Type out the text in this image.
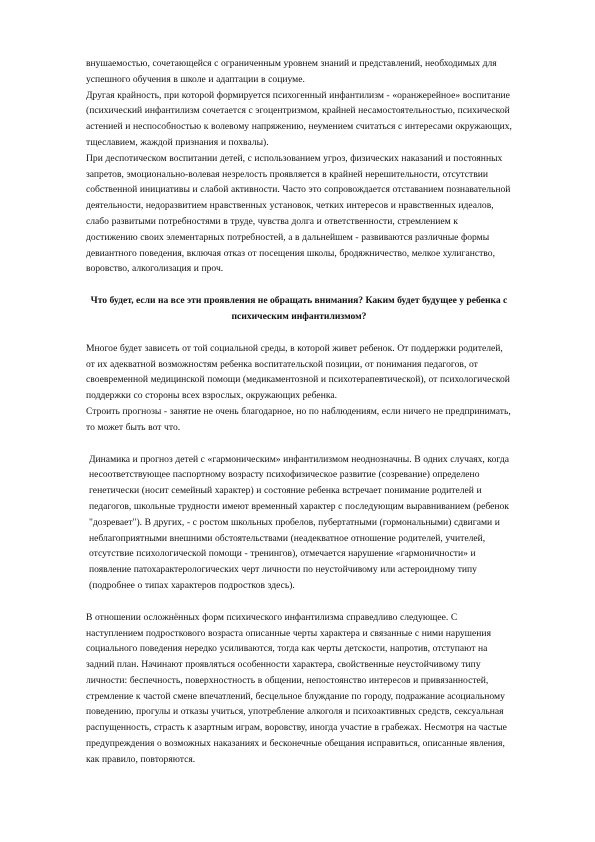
внушаемостью, сочетающейся с ограниченным уровнем знаний и представлений, необходимых для успешного обучения в школе и адаптации в социуме.

Другая крайность, при которой формируется психогенный инфантилизм - «оранжерейное» воспитание (психический инфантилизм сочетается с эгоцентризмом, крайней несамостоятельностью, психической астенией и неспособностью к волевому напряжению, неумением считаться с интересами окружающих, тщеславием, жаждой признания и похвалы).

При деспотическом воспитании детей, с использованием угроз, физических наказаний и постоянных запретов, эмоционально-волевая незрелость проявляется в крайней нерешительности, отсутствии собственной инициативы и слабой активности. Часто это сопровождается отставанием познавательной деятельности, недоразвитием нравственных установок, четких интересов и нравственных идеалов, слабо развитыми потребностями в труде, чувства долга и ответственности, стремлением к достижению своих элементарных потребностей, а в дальнейшем - развиваются различные формы девиантного поведения, включая отказ от посещения школы, бродяжничество, мелкое хулиганство, воровство, алкоголизация и проч.

Что будет, если на все эти проявления не обращать внимания? Каким будет будущее у ребенка с психическим инфантилизмом?

Многое будет зависеть от той социальной среды, в которой живет ребенок. От поддержки родителей, от их адекватной возможностям ребенка воспитательской позиции, от понимания педагогов, от своевременной медицинской помощи (медикаментозной и психотерапевтической), от психологической поддержки со стороны всех взрослых, окружающих ребенка.

Строить прогнозы - занятие не очень благодарное, но по наблюдениям, если ничего не предпринимать, то может быть вот что.

Динамика и прогноз детей с «гармоническим» инфантилизмом неоднозначны. В одних случаях, когда несоответствующее паспортному возрасту психофизическое развитие (созревание) определено генетически (носит семейный характер) и состояние ребенка встречает понимание родителей и педагогов, школьные трудности имеют временный характер с последующим выравниванием (ребенок "дозревает"). В других, - с ростом школьных пробелов, пубертатными (гормональными) сдвигами и неблагоприятными внешними обстоятельствами (неадекватное отношение родителей, учителей, отсутствие психологической помощи - тренингов), отмечается нарушение «гармоничности» и появление патохарактерологических черт личности по неустойчивому или астероидному типу (подробнее о типах характеров подростков здесь).

В отношении осложнённых форм психического инфантилизма справедливо следующее. С наступлением подросткового возраста описанные черты характера и связанные с ними нарушения социального поведения нередко усиливаются, тогда как черты детскости, напротив, отступают на задний план. Начинают проявляться особенности характера, свойственные неустойчивому типу личности: беспечность, поверхностность в общении, непостоянство интересов и привязанностей, стремление к частой смене впечатлений, бесцельное блуждание по городу, подражание асоциальному поведению, прогулы и отказы учиться, употребление алкоголя и психоактивных средств, сексуальная распущенность, страсть к азартным играм, воровству, иногда участие в грабежах. Несмотря на частые предупреждения о возможных наказаниях и бесконечные обещания исправиться, описанные явления, как правило, повторяются.
